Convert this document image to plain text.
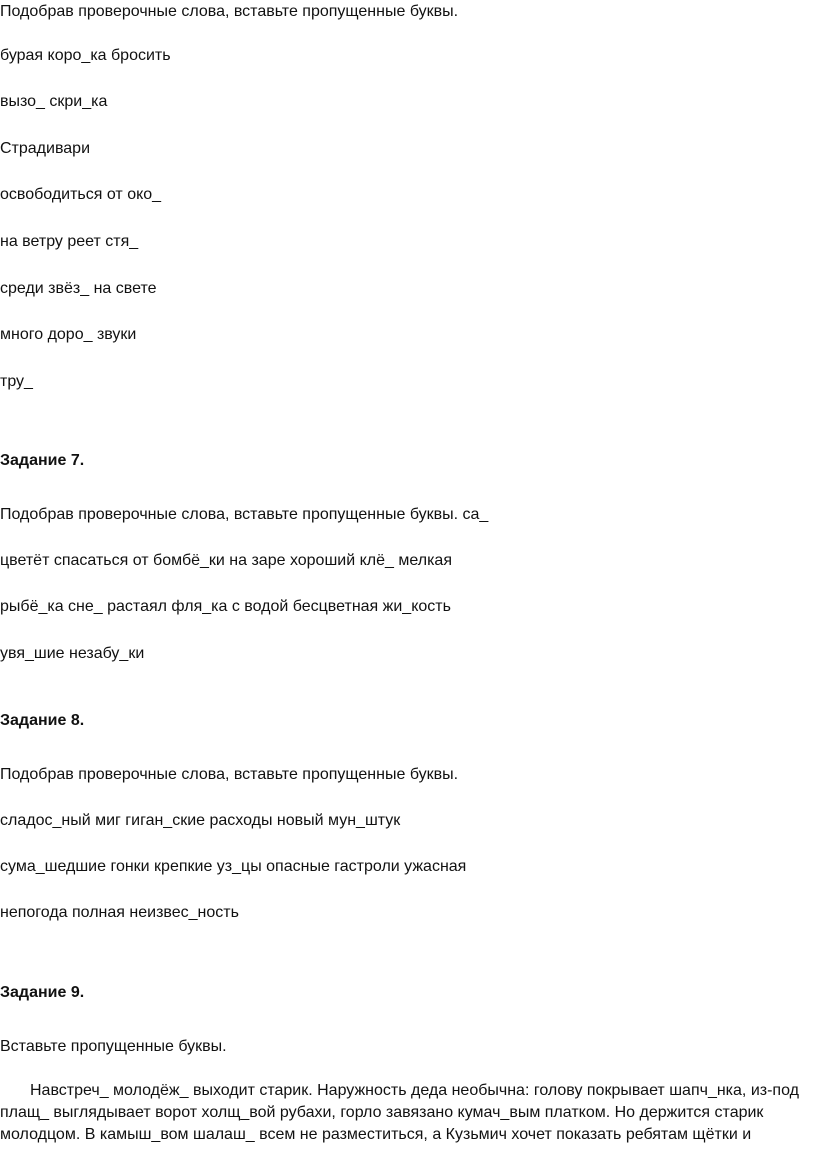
Подобрав проверочные слова, вставьте пропущенные буквы.

бурая коро_ка бросить

вызо_ скри_ка

Страдивари

освободиться от око_

на ветру реет стя_

среди звёз_ на свете

много доро_ звуки

тру_

Задание 7.

Подобрав проверочные слова, вставьте пропущенные буквы. са_

цветёт спасаться от бомбё_ки на заре хороший клё_ мелкая

рыбё_ка сне_ растаял фля_ка с водой бесцветная жи_кость

увя_шие незабу_ки

Задание 8.

Подобрав проверочные слова, вставьте пропущенные буквы.

сладос_ный миг гиган_ские расходы новый мун_штук

сума_шедшие гонки крепкие уз_цы опасные гастроли ужасная

непогода полная неизвес_ность

Задание 9.

Вставьте пропущенные буквы.

Навстреч_ молодёж_ выходит старик. Наружность деда необычна: голову покрывает шапч_нка, из-под плащ_ выглядывает ворот холщ_вой рубахи, горло завязано кумач_вым платком. Но держится старик молодцом. В камыш_вом шалаш_ всем не разместиться, а Кузьмич хочет показать ребятам щётки и
